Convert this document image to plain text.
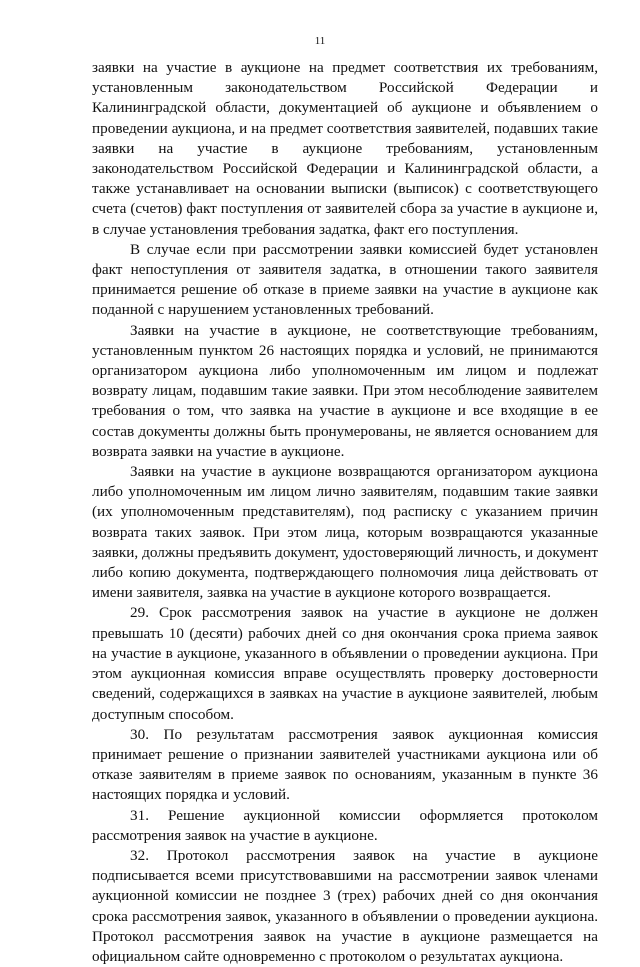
11

заявки на участие в аукционе на предмет соответствия их требованиям, установленным законодательством Российской Федерации и Калининградской области, документацией об аукционе и объявлением о проведении аукциона, и на предмет соответствия заявителей, подавших такие заявки на участие в аукционе требованиям, установленным законодательством Российской Федерации и Калининградской области, а также устанавливает на основании выписки (выписок) с соответствующего счета (счетов) факт поступления от заявителей сбора за участие в аукционе и, в случае установления требования задатка, факт его поступления.

В случае если при рассмотрении заявки комиссией будет установлен факт непоступления от заявителя задатка, в отношении такого заявителя принимается решение об отказе в приеме заявки на участие в аукционе как поданной с нарушением установленных требований.

Заявки на участие в аукционе, не соответствующие требованиям, установленным пунктом 26 настоящих порядка и условий, не принимаются организатором аукциона либо уполномоченным им лицом и подлежат возврату лицам, подавшим такие заявки. При этом несоблюдение заявителем требования о том, что заявка на участие в аукционе и все входящие в ее состав документы должны быть пронумерованы, не является основанием для возврата заявки на участие в аукционе.

Заявки на участие в аукционе возвращаются организатором аукциона либо уполномоченным им лицом лично заявителям, подавшим такие заявки (их уполномоченным представителям), под расписку с указанием причин возврата таких заявок. При этом лица, которым возвращаются указанные заявки, должны предъявить документ, удостоверяющий личность, и документ либо копию документа, подтверждающего полномочия лица действовать от имени заявителя, заявка на участие в аукционе которого возвращается.

29. Срок рассмотрения заявок на участие в аукционе не должен превышать 10 (десяти) рабочих дней со дня окончания срока приема заявок на участие в аукционе, указанного в объявлении о проведении аукциона. При этом аукционная комиссия вправе осуществлять проверку достоверности сведений, содержащихся в заявках на участие в аукционе заявителей, любым доступным способом.

30. По результатам рассмотрения заявок аукционная комиссия принимает решение о признании заявителей участниками аукциона или об отказе заявителям в приеме заявок по основаниям, указанным в пункте 36 настоящих порядка и условий.

31. Решение аукционной комиссии оформляется протоколом рассмотрения заявок на участие в аукционе.

32. Протокол рассмотрения заявок на участие в аукционе подписывается всеми присутствовавшими на рассмотрении заявок членами аукционной комиссии не позднее 3 (трех) рабочих дней со дня окончания срока рассмотрения заявок, указанного в объявлении о проведении аукциона. Протокол рассмотрения заявок на участие в аукционе размещается на официальном сайте одновременно с протоколом о результатах аукциона.
